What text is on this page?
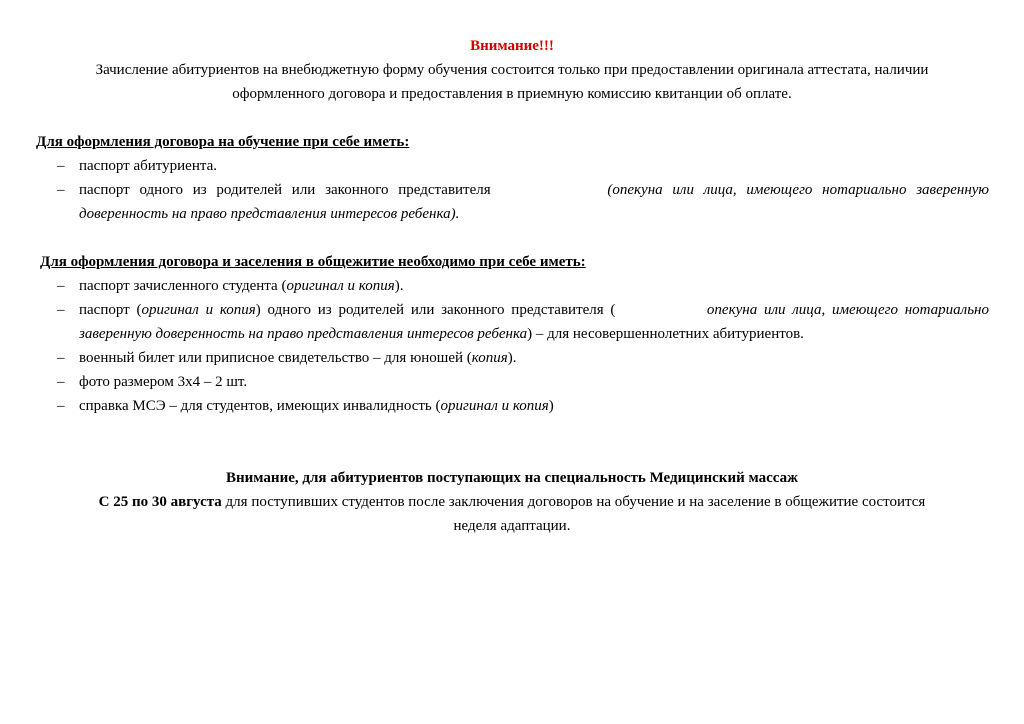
Внимание!!!
Зачисление абитуриентов на внебюджетную форму обучения состоится только при предоставлении оригинала аттестата, наличии
оформленного договора и предоставления в приемную комиссию квитанции об оплате.
Для оформления договора на обучение при себе иметь:
– паспорт абитуриента.
– паспорт одного из родителей или законного представителя	(опекуна или лица, имеющего нотариально заверенную
доверенность на право представления интересов ребенка).
Для оформления договора и заселения в общежитие необходимо при себе иметь:
– паспорт зачисленного студента (оригинал и копия).
– паспорт (оригинал и копия) одного из родителей или законного представителя (	опекуна или лица, имеющего нотариально
заверенную доверенность на право представления интересов ребенка) – для несовершеннолетних абитуриентов.
– военный билет или приписное свидетельство – для юношей (копия).
– фото размером 3х4 – 2 шт.
– справка МСЭ – для студентов, имеющих инвалидность (оригинал и копия)
Внимание, для абитуриентов поступающих на специальность Медицинский массаж
С 25 по 30 августа для поступивших студентов после заключения договоров на обучение и на заселение в общежитие состоится
неделя адаптации.
